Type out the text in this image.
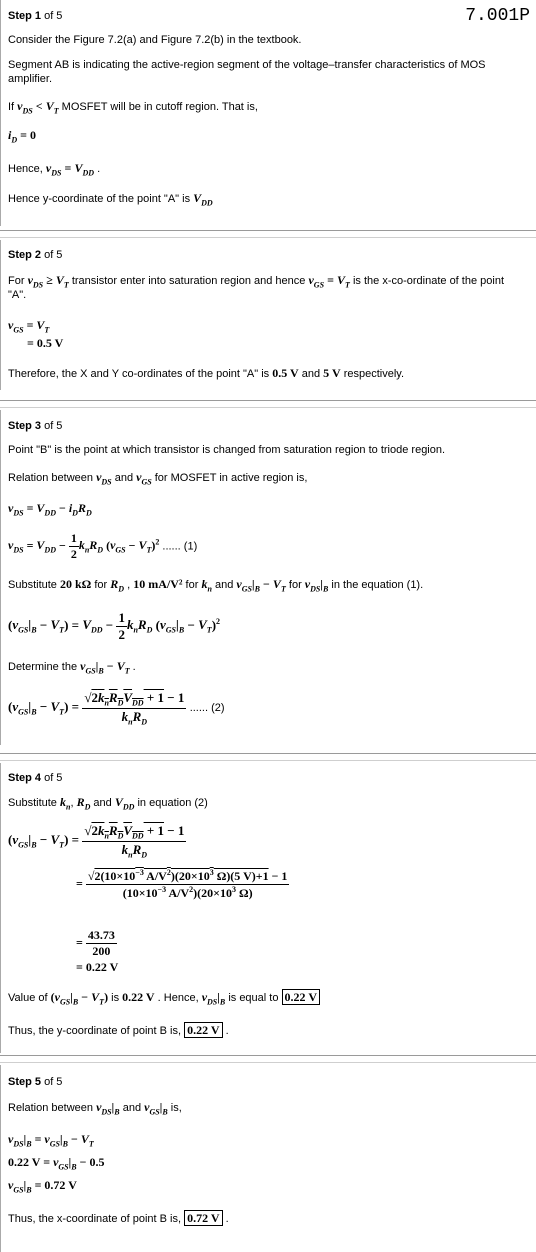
Step 1 of 5	7.001P
Consider the Figure 7.2(a) and Figure 7.2(b) in the textbook.
Segment AB is indicating the active-region segment of the voltage–transfer characteristics of MOS
amplifier.
If $v_{DS} < V_T$ MOSFET will be in cutoff region. That is,
$i_D = 0$
Hence, $v_{DS} = V_{DD}$ .
Hence y-coordinate of the point "A" is $V_{DD}$
Step 2 of 5
For $v_{DS} \ge V_T$ transistor enter into saturation region and hence $v_{GS} = V_T$ is the x-co-ordinate of the point
"A".
$v_{GS} = V_T$
= 0.5 V
Therefore, the X and Y co-ordinates of the point "A" is 0.5 V and 5 V respectively.
Step 3 of 5
Point "B" is the point at which transistor is changed from saturation region to triode region.
Relation between $v_{DS}$ and $v_{GS}$ for MOSFET in active region is,
$v_{DS} = V_{DD} - i_DR_D$
$v_{DS} = V_{DD} - \frac{1}{2} k_nR_D$ $(v_{GS} - V_T)^2$ ...... (1)
Substitute 20 kΩ for $R_D$ , 10 mA/V² for $k_n$ and $v_{GS}|_B - V_T$ for $v_{DS}|_B$ in the equation (1).
$(v_{GS}|_B - V_T) = V_{DD} - \frac{1}{2} k_nR_D$ $(v_{GS}|_B - V_T)^2$
Determine the $v_{GS}|_B - V_T$ .
$(v_{GS}|_B - V_T) = \frac{√2k_nR_DV_{DD} + 1 - 1}{k_nR_D}$ ...... (2)
Step 4 of 5
Substitute $k_n$, $R_D$ and $V_{DD}$ in equation (2)
$(v_{GS}|_B - V_T) = \frac{√2k_nR_DV_{DD} + 1 - 1}{k_nR_D}$
= $\frac{√2(10\times 10^{-3} A/V^2)(20\times 10^3 \Omega)(5 V)+1 - 1}{(10\times 10^{-3} A/V^2)(20\times 10^3 \Omega)}$
= $\frac{43.73}{200}$
= 0.22 V
Value of $(v_{GS}|_B - V_T)$ is 0.22 V . Hence, $v_{DS}|_B$ is equal to 0.22 V
Thus, the y-coordinate of point B is, 0.22 V .
Step 5 of 5
Relation between $v_{DS}|_B$ and $v_{GS}|_B$ is,
$v_{DS}|_B = v_{GS}|_B - V_T$
0.22 $V = v_{GS}|_B - 0.5$
$v_{GS}|_B = 0.72$ V
Thus, the x-coordinate of point B is, 0.72 V .
